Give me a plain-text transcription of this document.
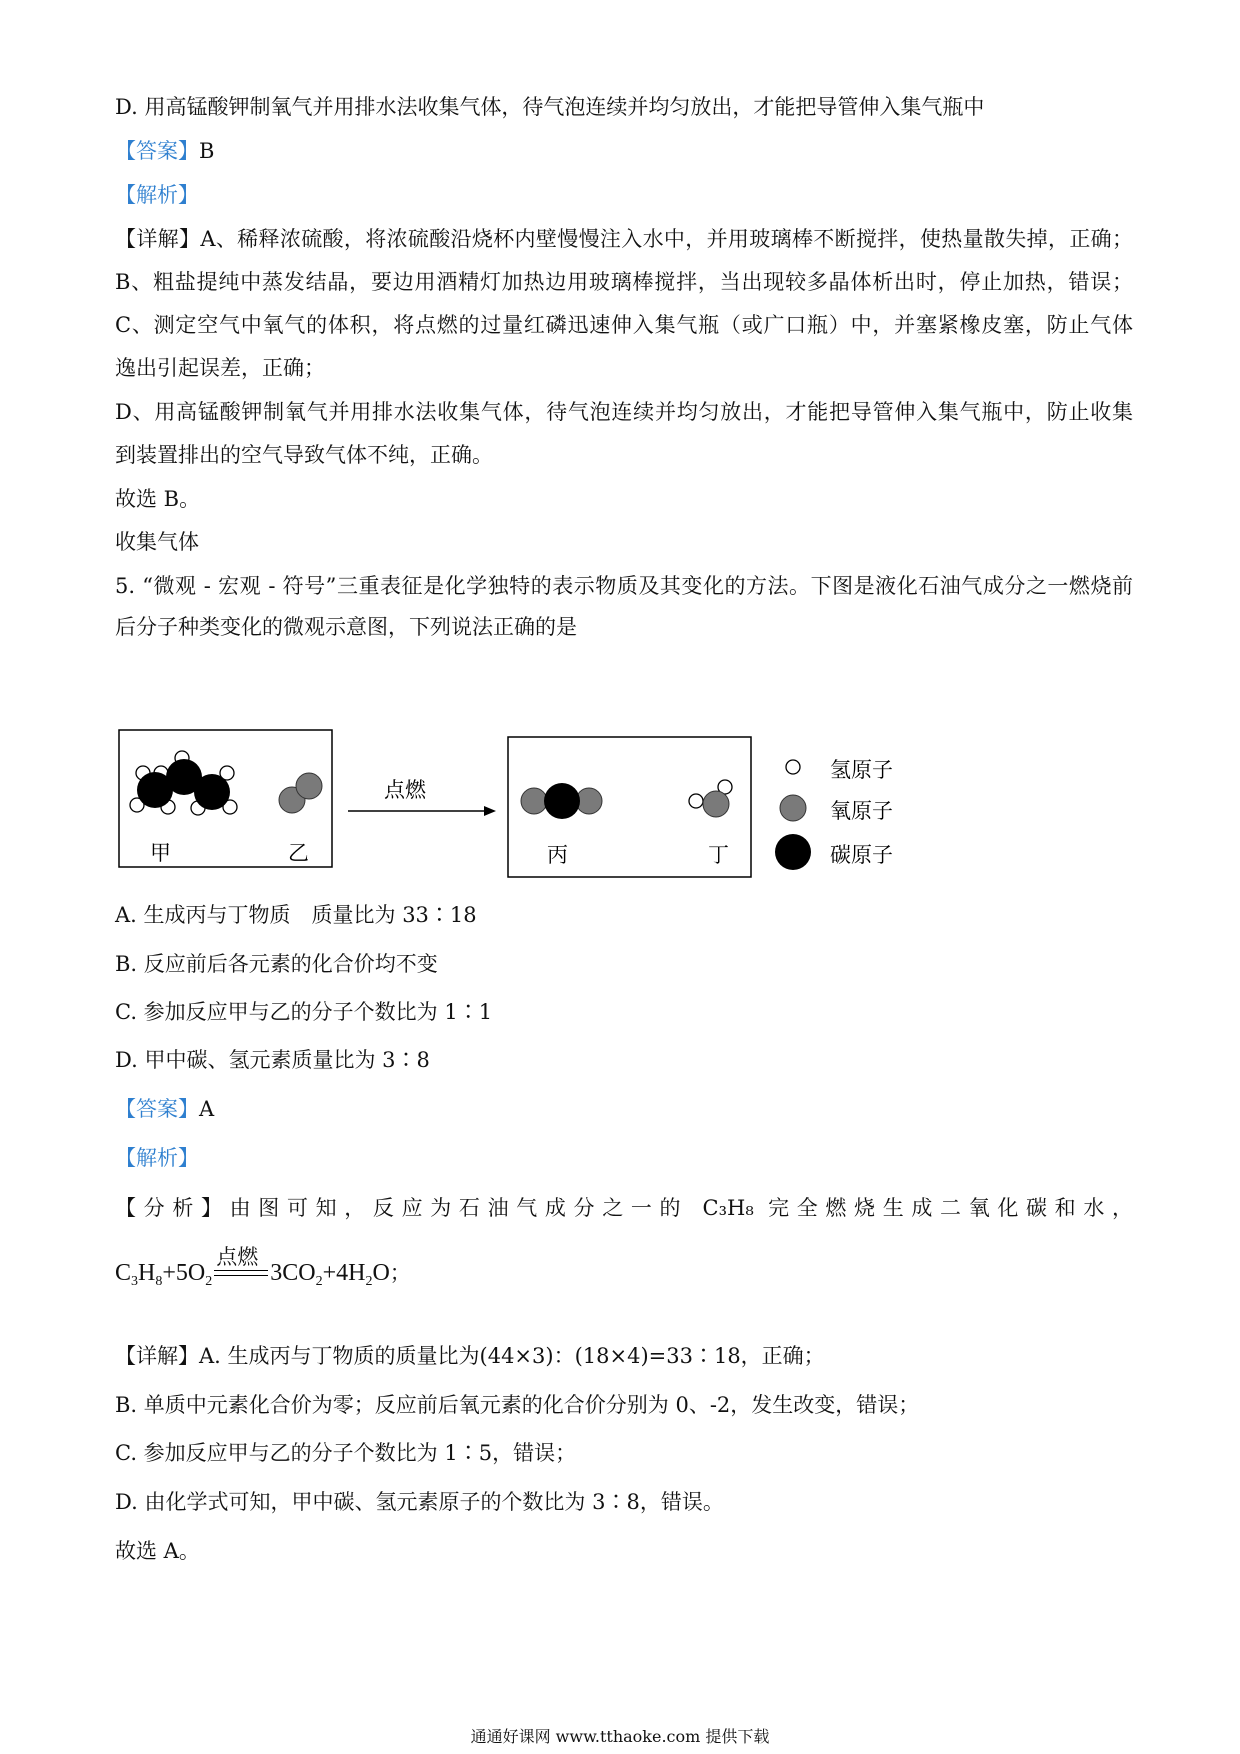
D. 用高锰酸钾制氧气并用排水法收集气体，待气泡连续并均匀放出，才能把导管伸入集气瓶中
【答案】B
【解析】
【详解】A、稀释浓硫酸，将浓硫酸沿烧杯内壁慢慢注入水中，并用玻璃棒不断搅拌，使热量散失掉，正确；
B、粗盐提纯中蒸发结晶，要边用酒精灯加热边用玻璃棒搅拌，当出现较多晶体析出时，停止加热，错误；
C、测定空气中氧气的体积，将点燃的过量红磷迅速伸入集气瓶（或广口瓶）中，并塞紧橡皮塞，防止气体
逸出引起误差，正确；
D、用高锰酸钾制氧气并用排水法收集气体，待气泡连续并均匀放出，才能把导管伸入集气瓶中，防止收集
到装置排出的空气导致气体不纯，正确。
故选 B。
收集气体
5. “微观 - 宏观 - 符号”三重表征是化学独特的表示物质及其变化的方法。下图是液化石油气成分之一燃烧前
后分子种类变化的微观示意图，下列说法正确的是
甲	乙
点燃
丙	丁
氢原子
氧原子
碳原子
A. 生成丙与丁物质　质量比为 33∶18
B. 反应前后各元素的化合价均不变
C. 参加反应甲与乙的分子个数比为 1∶1
D. 甲中碳、氢元素质量比为 3∶8
【答案】A
【解析】
【分析】由图可知，反应为石油气成分之一的 C₃H₈ 完全燃烧生成二氧化碳和水，
$C_3H_8+5O_2$
点燃
$3CO_2+4H_2O$；
【详解】A. 生成丙与丁物质的质量比为(44×3)：(18×4)=33∶18，正确；
B. 单质中元素化合价为零；反应前后氧元素的化合价分别为 0、-2，发生改变，错误；
C. 参加反应甲与乙的分子个数比为 1∶5，错误；
D. 由化学式可知，甲中碳、氢元素原子的个数比为 3∶8，错误。
故选 A。
通通好课网 www.tthaoke.com 提供下载
